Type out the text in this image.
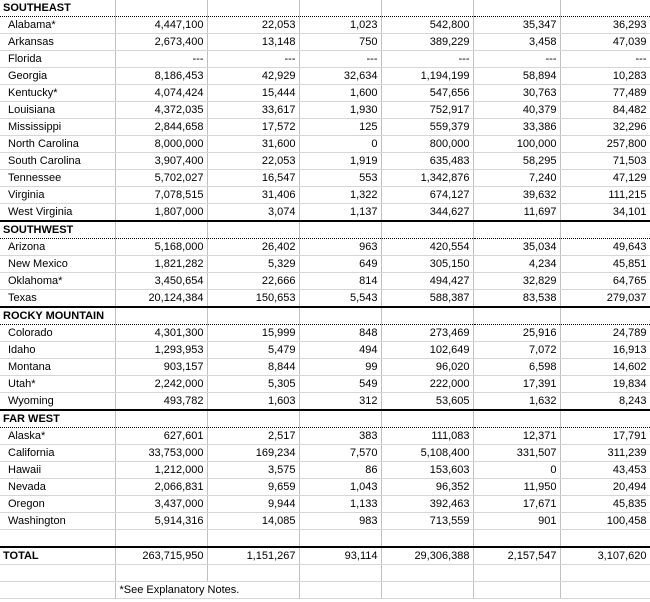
SOUTHEAST						
Alabama*	4,447,100	22,053	1,023	542,800	35,347	36,293
Arkansas	2,673,400	13,148	750	389,229	3,458	47,039
Florida	---	---	---	---	---	---
Georgia	8,186,453	42,929	32,634	1,194,199	58,894	10,283
Kentucky*	4,074,424	15,444	1,600	547,656	30,763	77,489
Louisiana	4,372,035	33,617	1,930	752,917	40,379	84,482
Mississippi	2,844,658	17,572	125	559,379	33,386	32,296
North Carolina	8,000,000	31,600	0	800,000	100,000	257,800
South Carolina	3,907,400	22,053	1,919	635,483	58,295	71,503
Tennessee	5,702,027	16,547	553	1,342,876	7,240	47,129
Virginia	7,078,515	31,406	1,322	674,127	39,632	111,215
West Virginia	1,807,000	3,074	1,137	344,627	11,697	34,101
SOUTHWEST						
Arizona	5,168,000	26,402	963	420,554	35,034	49,643
New Mexico	1,821,282	5,329	649	305,150	4,234	45,851
Oklahoma*	3,450,654	22,666	814	494,427	32,829	64,765
Texas	20,124,384	150,653	5,543	588,387	83,538	279,037
ROCKY MOUNTAIN						
Colorado	4,301,300	15,999	848	273,469	25,916	24,789
Idaho	1,293,953	5,479	494	102,649	7,072	16,913
Montana	903,157	8,844	99	96,020	6,598	14,602
Utah*	2,242,000	5,305	549	222,000	17,391	19,834
Wyoming	493,782	1,603	312	53,605	1,632	8,243
FAR WEST						
Alaska*	627,601	2,517	383	111,083	12,371	17,791
California	33,753,000	169,234	7,570	5,108,400	331,507	311,239
Hawaii	1,212,000	3,575	86	153,603	0	43,453
Nevada	2,066,831	9,659	1,043	96,352	11,950	20,494
Oregon	3,437,000	9,944	1,133	392,463	17,671	45,835
Washington	5,914,316	14,085	983	713,559	901	100,458

TOTAL	263,715,950	1,151,267	93,114	29,306,388	2,157,547	3,107,620

	*See Explanatory Notes.					
